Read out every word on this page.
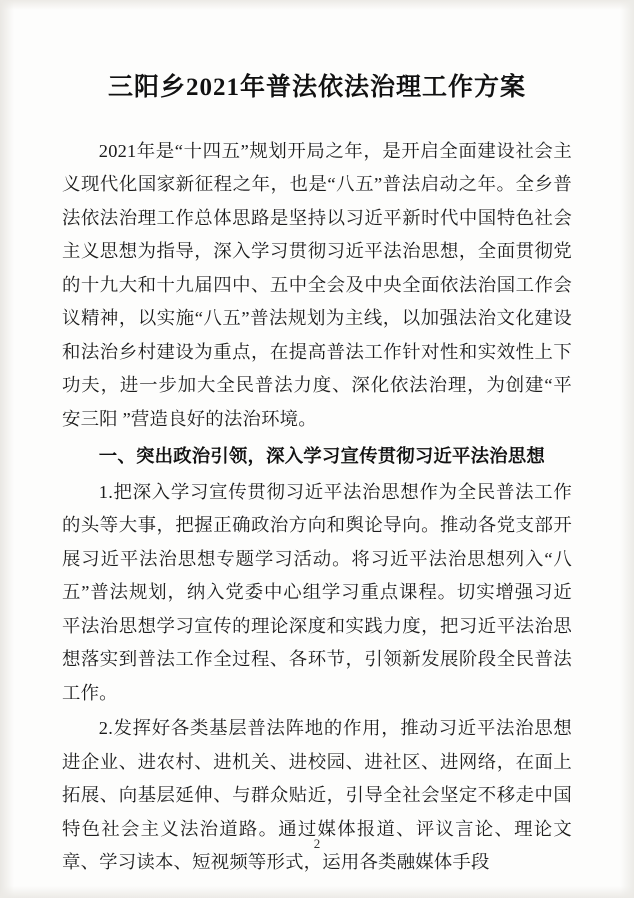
三阳乡2021年普法依法治理工作方案

2021年是“十四五”规划开局之年，是开启全面建设社会主义现代化国家新征程之年，也是“八五”普法启动之年。全乡普法依法治理工作总体思路是坚持以习近平新时代中国特色社会主义思想为指导，深入学习贯彻习近平法治思想，全面贯彻党的十九大和十九届四中、五中全会及中央全面依法治国工作会议精神，以实施“八五”普法规划为主线，以加强法治文化建设和法治乡村建设为重点，在提高普法工作针对性和实效性上下功夫，进一步加大全民普法力度、深化依法治理，为创建“平安三阳 ”营造良好的法治环境。

一、突出政治引领，深入学习宣传贯彻习近平法治思想

1.把深入学习宣传贯彻习近平法治思想作为全民普法工作的头等大事，把握正确政治方向和舆论导向。推动各党支部开展习近平法治思想专题学习活动。将习近平法治思想列入“八五”普法规划，纳入党委中心组学习重点课程。切实增强习近平法治思想学习宣传的理论深度和实践力度，把习近平法治思想落实到普法工作全过程、各环节，引领新发展阶段全民普法工作。

2.发挥好各类基层普法阵地的作用，推动习近平法治思想进企业、进农村、进机关、进校园、进社区、进网络，在面上拓展、向基层延伸、与群众贴近，引导全社会坚定不移走中国特色社会主义法治道路。通过媒体报道、评议言论、理论文章、学习读本、短视频等形式，运用各类融媒体手段

2
